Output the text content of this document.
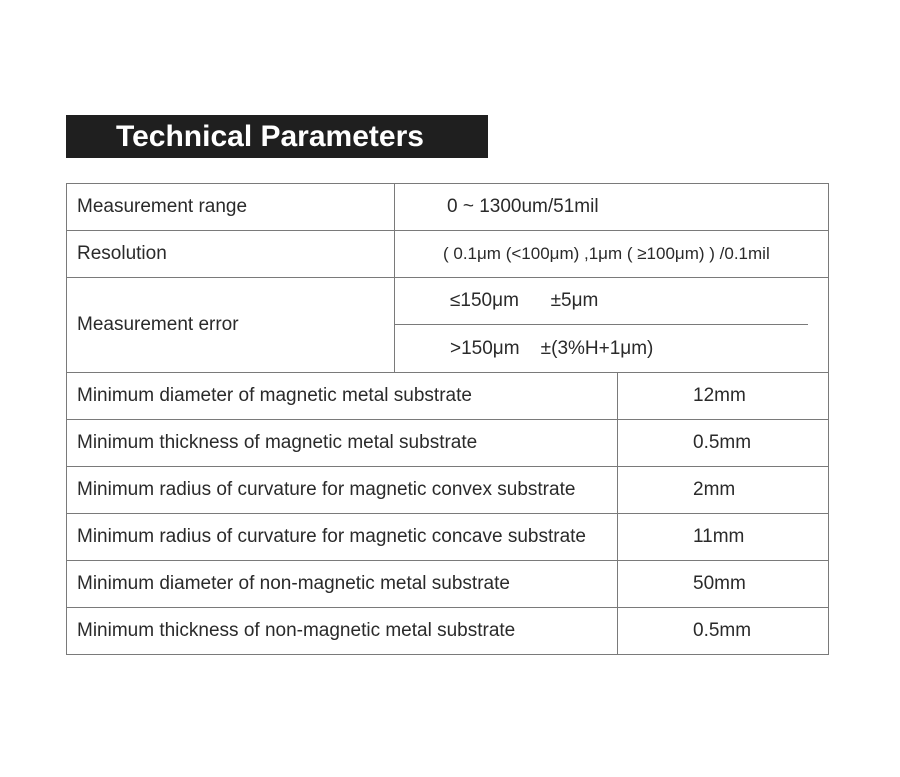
Technical Parameters
Measurement range	0 ~ 1300um/51mil
Resolution	( 0.1μm (<100μm) ,1μm ( ≥100μm) ) /0.1mil
Measurement error
≤150μm      ±5μm
>150μm    ±(3%H+1μm)
Minimum diameter of magnetic metal substrate	12mm
Minimum thickness of magnetic metal substrate	0.5mm
Minimum radius of curvature for magnetic convex substrate	2mm
Minimum radius of curvature for magnetic concave substrate	11mm
Minimum diameter of non-magnetic metal substrate	50mm
Minimum thickness of non-magnetic metal substrate	0.5mm
